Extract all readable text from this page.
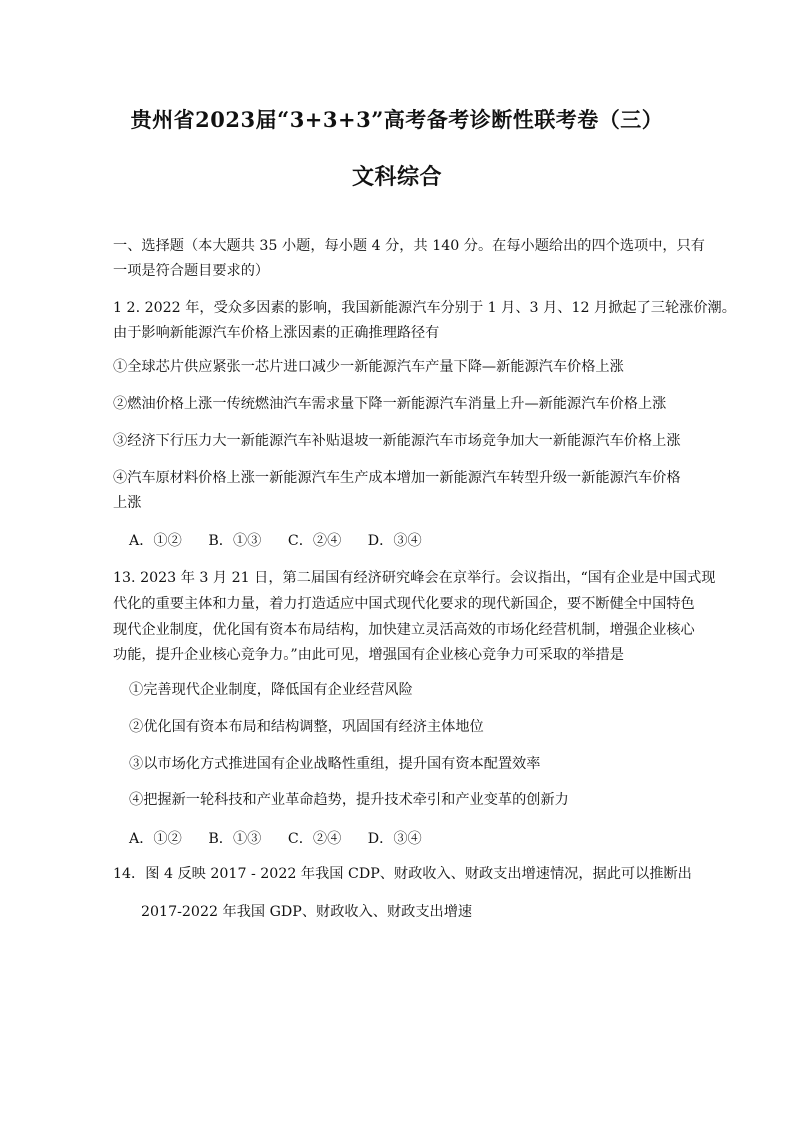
贵州省2023届“3+3+3”高考备考诊断性联考卷（三）
文科综合
一、选择题（本大题共 35 小题，每小题 4 分，共 140 分。在每小题给出的四个选项中，只有
一项是符合题目要求的）
1 2. 2022 年，受众多因素的影响，我国新能源汽车分别于 1 月、3 月、12 月掀起了三轮涨价潮。
由于影响新能源汽车价格上涨因素的正确推理路径有
①全球芯片供应紧张一芯片进口减少一新能源汽车产量下降—新能源汽车价格上涨
②燃油价格上涨一传统燃油汽车需求量下降一新能源汽车消量上升—新能源汽车价格上涨
③经济下行压力大一新能源汽车补贴退坡一新能源汽车市场竞争加大一新能源汽车价格上涨
④汽车原材料价格上涨一新能源汽车生产成本增加一新能源汽车转型升级一新能源汽车价格
上涨
A．①② B．①③ C．②④ D．③④
13. 2023 年 3 月 21 日，第二届国有经济研究峰会在京举行。会议指出，“国有企业是中国式现
代化的重要主体和力量，着力打造适应中国式现代化要求的现代新国企，要不断健全中国特色
现代企业制度，优化国有资本布局结构，加快建立灵活高效的市场化经营机制，增强企业核心
功能，提升企业核心竞争力。”由此可见，增强国有企业核心竞争力可采取的举措是
①完善现代企业制度，降低国有企业经营风险
②优化国有资本布局和结构调整，巩固国有经济主体地位
③以市场化方式推进国有企业战略性重组，提升国有资本配置效率
④把握新一轮科技和产业革命趋势，提升技术牵引和产业变革的创新力
A．①② B．①③ C．②④ D．③④
14．图 4 反映 2017 - 2022 年我国 CDP、财政收入、财政支出增速情况，据此可以推断出
2017-2022 年我国 GDP、财政收入、财政支出增速
